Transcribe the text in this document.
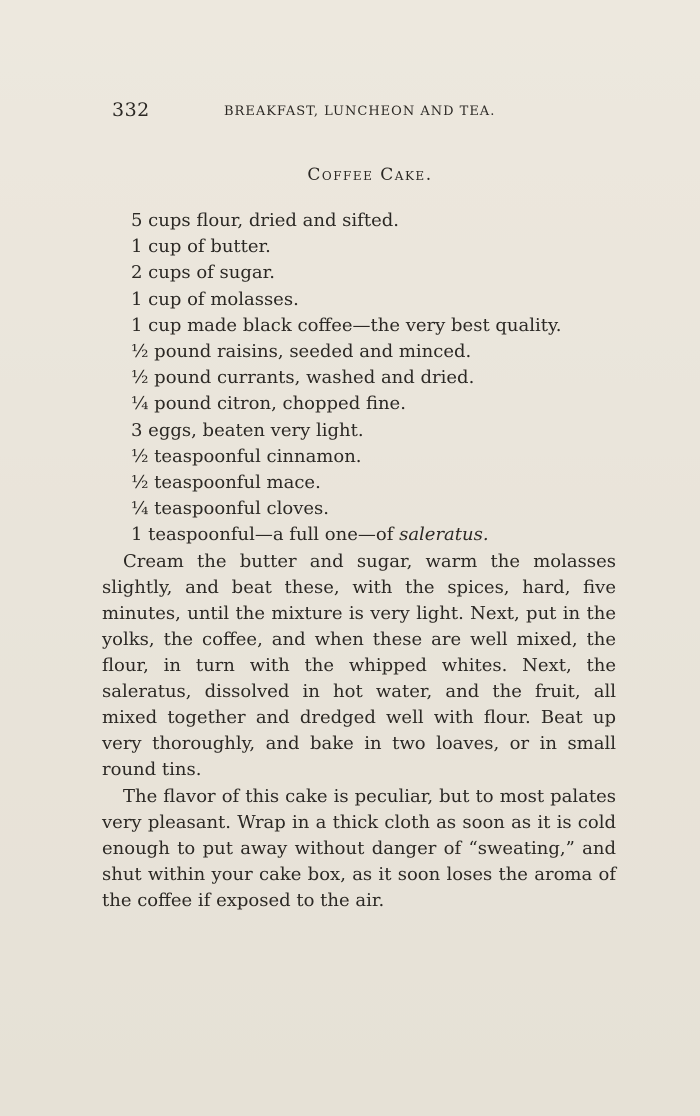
332	BREAKFAST, LUNCHEON AND TEA.
Coffee Cake.
5 cups flour, dried and sifted.
1 cup of butter.
2 cups of sugar.
1 cup of molasses.
1 cup made black coffee—the very best quality.
½ pound raisins, seeded and minced.
½ pound currants, washed and dried.
¼ pound citron, chopped fine.
3 eggs, beaten very light.
½ teaspoonful cinnamon.
½ teaspoonful mace.
¼ teaspoonful cloves.
1 teaspoonful—a full one—of saleratus.

Cream the butter and sugar, warm the molasses slightly, and beat these, with the spices, hard, five minutes, until the mixture is very light. Next, put in the yolks, the coffee, and when these are well mixed, the flour, in turn with the whipped whites. Next, the saleratus, dissolved in hot water, and the fruit, all mixed together and dredged well with flour. Beat up very thoroughly, and bake in two loaves, or in small round tins.

The flavor of this cake is peculiar, but to most palates very pleasant. Wrap in a thick cloth as soon as it is cold enough to put away without danger of “sweating,” and shut within your cake box, as it soon loses the aroma of the coffee if exposed to the air.
